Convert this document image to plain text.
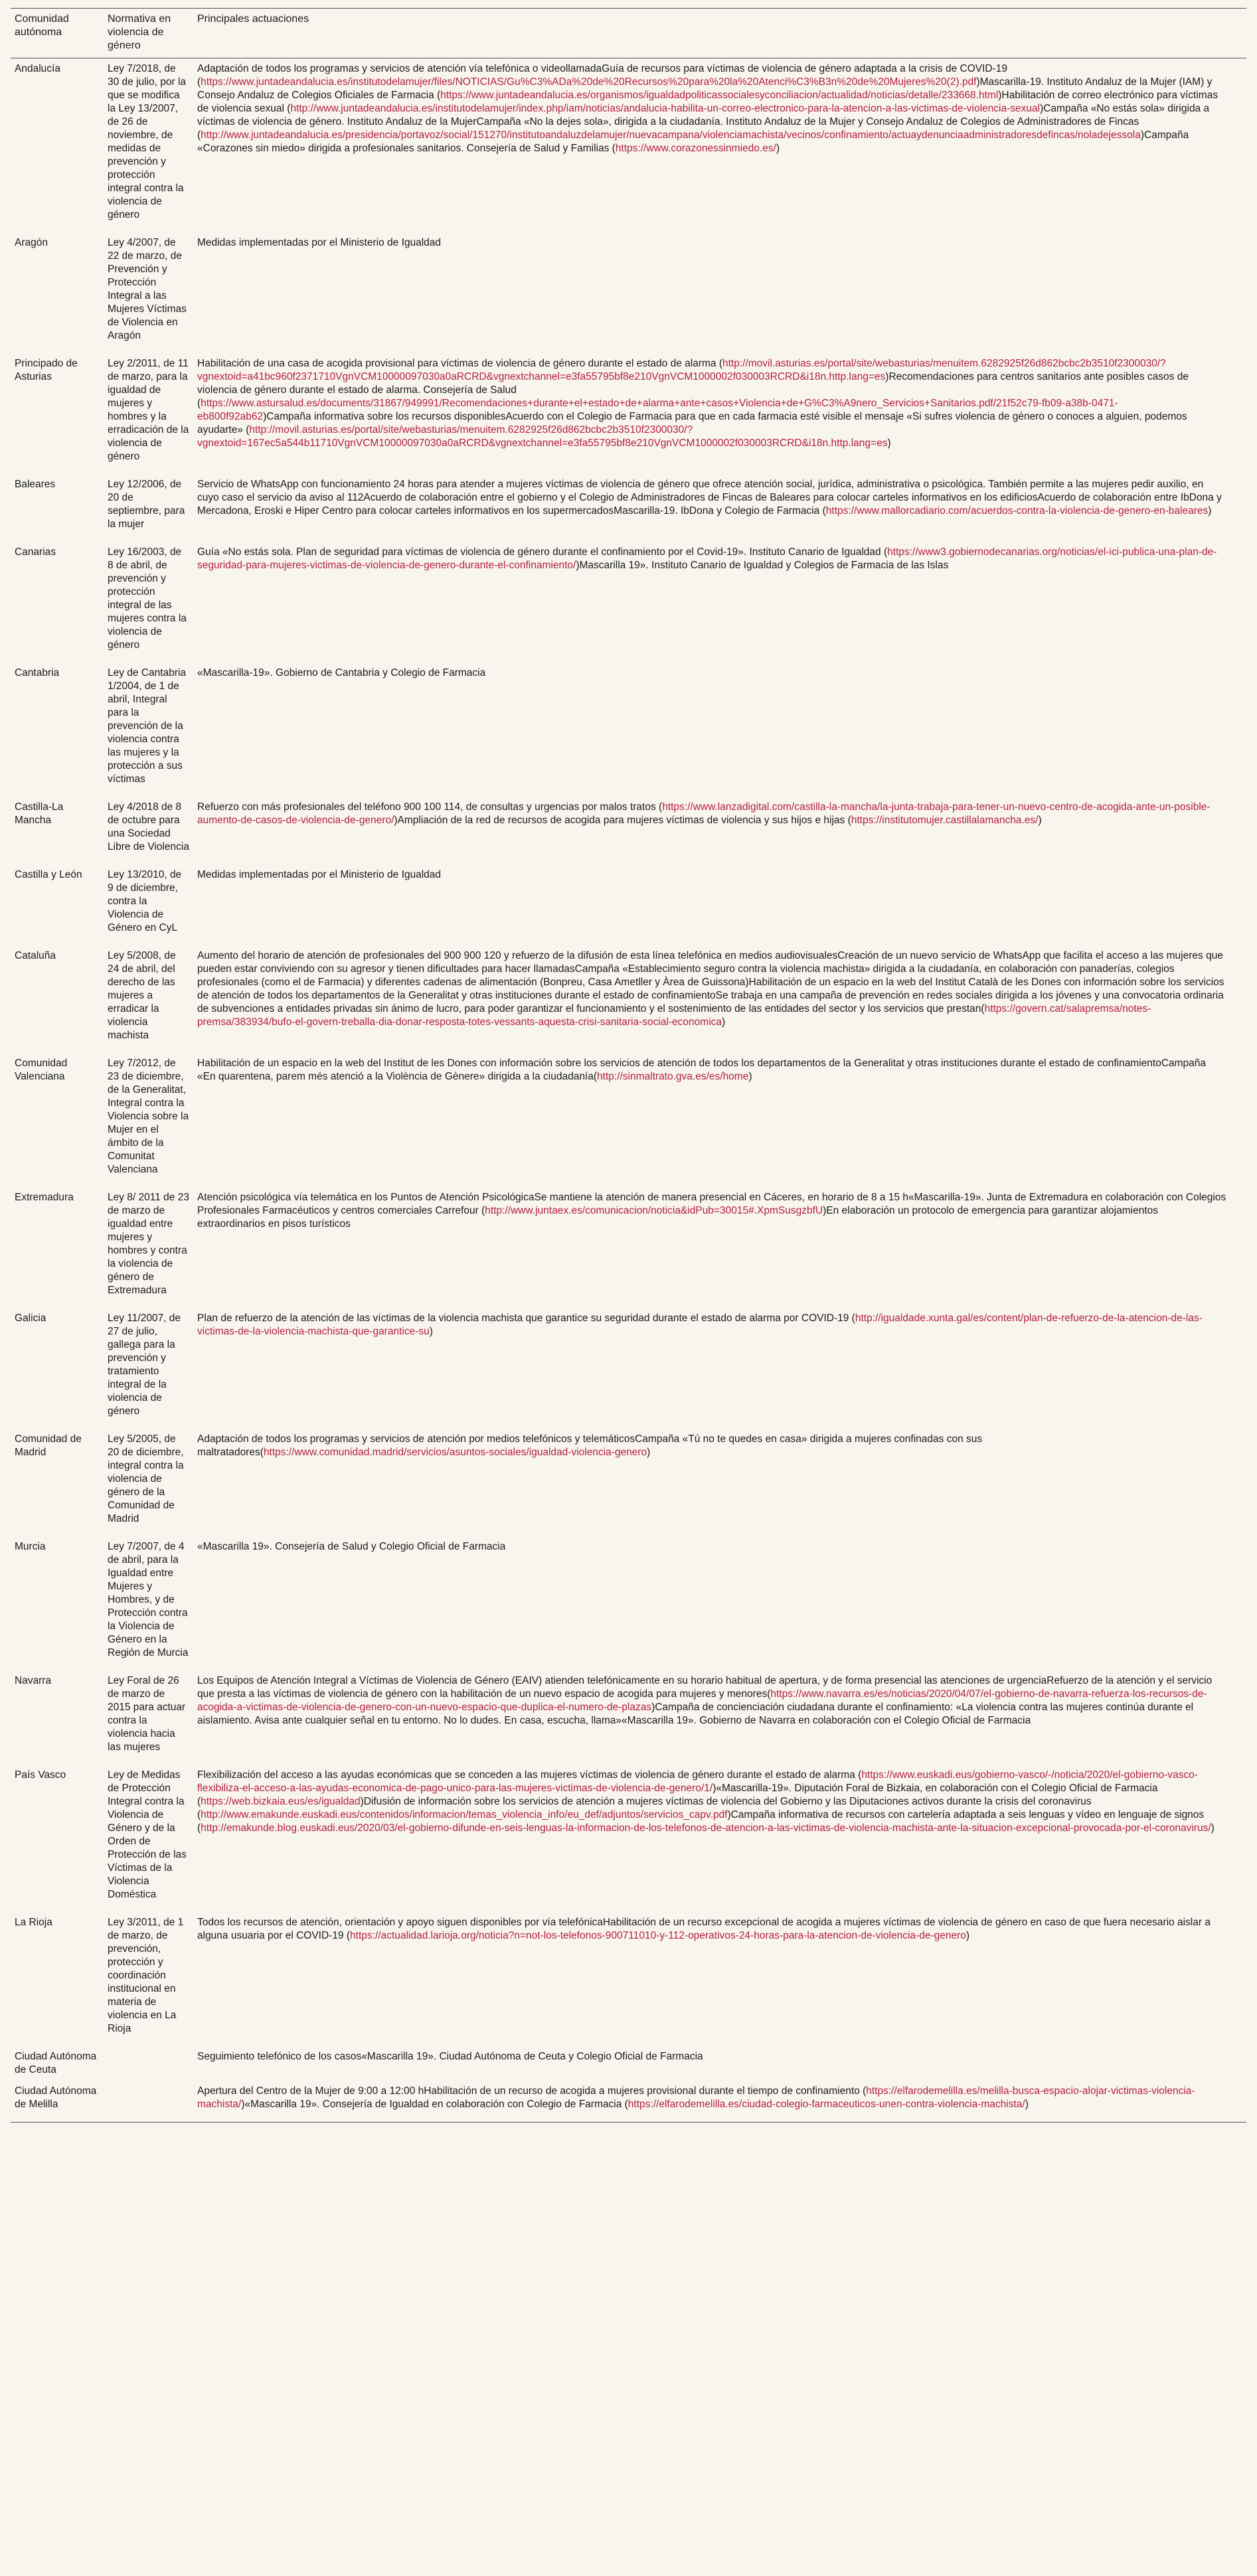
Comunidad autónoma	Normativa en violencia de género	Principales actuaciones
Andalucía	Ley 7/2018, de 30 de julio, por la que se modifica la Ley 13/2007, de 26 de noviembre, de medidas de prevención y protección integral contra la violencia de género	Adaptación de todos los programas y servicios de atención vía telefónica o videollamadaGuía de recursos para víctimas de violencia de género adaptada a la crisis de COVID-19 (https://www.juntadeandalucia.es/institutodelamujer/files/NOTICIAS/Gu%C3%ADa%20de%20Recursos%20para%20la%20Atenci%C3%B3n%20de%20Mujeres%20(2).pdf)Mascarilla-19. Instituto Andaluz de la Mujer (IAM) y Consejo Andaluz de Colegios Oficiales de Farmacia (https://www.juntadeandalucia.es/organismos/igualdadpoliticassocialesyconciliacion/actualidad/noticias/detalle/233668.html)Habilitación de correo electrónico para víctimas de violencia sexual (http://www.juntadeandalucia.es/institutodelamujer/index.php/iam/noticias/andalucia-habilita-un-correo-electronico-para-la-atencion-a-las-victimas-de-violencia-sexual)Campaña «No estás sola» dirigida a víctimas de violencia de género. Instituto Andaluz de la MujerCampaña «No la dejes sola», dirigida a la ciudadanía. Instituto Andaluz de la Mujer y Consejo Andaluz de Colegios de Administradores de Fincas (http://www.juntadeandalucia.es/presidencia/portavoz/social/151270/institutoandaluzdelamujer/nuevacampana/violenciamachista/vecinos/confinamiento/actuaydenunciaadministradoresdefincas/noladejessola)Campaña «Corazones sin miedo» dirigida a profesionales sanitarios. Consejería de Salud y Familias (https://www.corazonessinmiedo.es/)
Aragón	Ley 4/2007, de 22 de marzo, de Prevención y Protección Integral a las Mujeres Víctimas de Violencia en Aragón	Medidas implementadas por el Ministerio de Igualdad
Principado de Asturias	Ley 2/2011, de 11 de marzo, para la igualdad de mujeres y hombres y la erradicación de la violencia de género	Habilitación de una casa de acogida provisional para víctimas de violencia de género durante el estado de alarma (http://movil.asturias.es/portal/site/webasturias/menuitem.6282925f26d862bcbc2b3510f2300030/?vgnextoid=a41bc960f2371710VgnVCM10000097030a0aRCRD&vgnextchannel=e3fa55795bf8e210VgnVCM1000002f030003RCRD&i18n.http.lang=es)Recomendaciones para centros sanitarios ante posibles casos de violencia de género durante el estado de alarma. Consejería de Salud (https://www.astursalud.es/documents/31867/949991/Recomendaciones+durante+el+estado+de+alarma+ante+casos+Violencia+de+G%C3%A9nero_Servicios+Sanitarios.pdf/21f52c79-fb09-a38b-0471-eb800f92ab62)Campaña informativa sobre los recursos disponiblesAcuerdo con el Colegio de Farmacia para que en cada farmacia esté visible el mensaje «Si sufres violencia de género o conoces a alguien, podemos ayudarte» (http://movil.asturias.es/portal/site/webasturias/menuitem.6282925f26d862bcbc2b3510f2300030/?vgnextoid=167ec5a544b11710VgnVCM10000097030a0aRCRD&vgnextchannel=e3fa55795bf8e210VgnVCM1000002f030003RCRD&i18n.http.lang=es)
Baleares	Ley 12/2006, de 20 de septiembre, para la mujer	Servicio de WhatsApp con funcionamiento 24 horas para atender a mujeres víctimas de violencia de género que ofrece atención social, jurídica, administrativa o psicológica. También permite a las mujeres pedir auxilio, en cuyo caso el servicio da aviso al 112Acuerdo de colaboración entre el gobierno y el Colegio de Administradores de Fincas de Baleares para colocar carteles informativos en los edificiosAcuerdo de colaboración entre IbDona y Mercadona, Eroski e Hiper Centro para colocar carteles informativos en los supermercadosMascarilla-19. IbDona y Colegio de Farmacia (https://www.mallorcadiario.com/acuerdos-contra-la-violencia-de-genero-en-baleares)
Canarias	Ley 16/2003, de 8 de abril, de prevención y protección integral de las mujeres contra la violencia de género	Guía «No estás sola. Plan de seguridad para víctimas de violencia de género durante el confinamiento por el Covid-19». Instituto Canario de Igualdad (https://www3.gobiernodecanarias.org/noticias/el-ici-publica-una-plan-de-seguridad-para-mujeres-victimas-de-violencia-de-genero-durante-el-confinamiento/)Mascarilla 19». Instituto Canario de Igualdad y Colegios de Farmacia de las Islas
Cantabria	Ley de Cantabria 1/2004, de 1 de abril, Integral para la prevención de la violencia contra las mujeres y la protección a sus víctimas	«Mascarilla-19». Gobierno de Cantabria y Colegio de Farmacia
Castilla-La Mancha	Ley 4/2018 de 8 de octubre para una Sociedad Libre de Violencia	Refuerzo con más profesionales del teléfono 900 100 114, de consultas y urgencias por malos tratos (https://www.lanzadigital.com/castilla-la-mancha/la-junta-trabaja-para-tener-un-nuevo-centro-de-acogida-ante-un-posible-aumento-de-casos-de-violencia-de-genero/)Ampliación de la red de recursos de acogida para mujeres víctimas de violencia y sus hijos e hijas (https://institutomujer.castillalamancha.es/)
Castilla y León	Ley 13/2010, de 9 de diciembre, contra la Violencia de Género en CyL	Medidas implementadas por el Ministerio de Igualdad
Cataluña	Ley 5/2008, de 24 de abril, del derecho de las mujeres a erradicar la violencia machista	Aumento del horario de atención de profesionales del 900 900 120 y refuerzo de la difusión de esta línea telefónica en medios audiovisualesCreación de un nuevo servicio de WhatsApp que facilita el acceso a las mujeres que pueden estar conviviendo con su agresor y tienen dificultades para hacer llamadasCampaña «Establecimiento seguro contra la violencia machista» dirigida a la ciudadanía, en colaboración con panaderías, colegios profesionales (como el de Farmacia) y diferentes cadenas de alimentación (Bonpreu, Casa Ametller y Àrea de Guissona)Habilitación de un espacio en la web del Institut Català de les Dones con información sobre los servicios de atención de todos los departamentos de la Generalitat y otras instituciones durante el estado de confinamientoSe trabaja en una campaña de prevención en redes sociales dirigida a los jóvenes y una convocatoria ordinaria de subvenciones a entidades privadas sin ánimo de lucro, para poder garantizar el funcionamiento y el sostenimiento de las entidades del sector y los servicios que prestan(https://govern.cat/salapremsa/notes-premsa/383934/bufo-el-govern-treballa-dia-donar-resposta-totes-vessants-aquesta-crisi-sanitaria-social-economica)
Comunidad Valenciana	Ley 7/2012, de 23 de diciembre, de la Generalitat, Integral contra la Violencia sobre la Mujer en el ámbito de la Comunitat Valenciana	Habilitación de un espacio en la web del Institut de les Dones con información sobre los servicios de atención de todos los departamentos de la Generalitat y otras instituciones durante el estado de confinamientoCampaña «En quarentena, parem més atenció a la Violència de Gènere» dirigida a la ciudadanía(http://sinmaltrato.gva.es/es/home)
Extremadura	Ley 8/ 2011 de 23 de marzo de igualdad entre mujeres y hombres y contra la violencia de género de Extremadura	Atención psicológica vía telemática en los Puntos de Atención PsicológicaSe mantiene la atención de manera presencial en Cáceres, en horario de 8 a 15 h«Mascarilla-19». Junta de Extremadura en colaboración con Colegios Profesionales Farmacéuticos y centros comerciales Carrefour (http://www.juntaex.es/comunicacion/noticia&idPub=30015#.XpmSusgzbfU)En elaboración un protocolo de emergencia para garantizar alojamientos extraordinarios en pisos turísticos
Galicia	Ley 11/2007, de 27 de julio, gallega para la prevención y tratamiento integral de la violencia de género	Plan de refuerzo de la atención de las víctimas de la violencia machista que garantice su seguridad durante el estado de alarma por COVID-19 (http://igualdade.xunta.gal/es/content/plan-de-refuerzo-de-la-atencion-de-las-victimas-de-la-violencia-machista-que-garantice-su)
Comunidad de Madrid	Ley 5/2005, de 20 de diciembre, integral contra la violencia de género de la Comunidad de Madrid	Adaptación de todos los programas y servicios de atención por medios telefónicos y telemáticosCampaña «Tú no te quedes en casa» dirigida a mujeres confinadas con sus maltratadores(https://www.comunidad.madrid/servicios/asuntos-sociales/igualdad-violencia-genero)
Murcia	Ley 7/2007, de 4 de abril, para la Igualdad entre Mujeres y Hombres, y de Protección contra la Violencia de Género en la Región de Murcia	«Mascarilla 19». Consejería de Salud y Colegio Oficial de Farmacia
Navarra	Ley Foral de 26 de marzo de 2015 para actuar contra la violencia hacia las mujeres	Los Equipos de Atención Integral a Víctimas de Violencia de Género (EAIV) atienden telefónicamente en su horario habitual de apertura, y de forma presencial las atenciones de urgenciaRefuerzo de la atención y el servicio que presta a las víctimas de violencia de género con la habilitación de un nuevo espacio de acogida para mujeres y menores(https://www.navarra.es/es/noticias/2020/04/07/el-gobierno-de-navarra-refuerza-los-recursos-de-acogida-a-victimas-de-violencia-de-genero-con-un-nuevo-espacio-que-duplica-el-numero-de-plazas)Campaña de concienciación ciudadana durante el confinamiento: «La violencia contra las mujeres continúa durante el aislamiento. Avisa ante cualquier señal en tu entorno. No lo dudes. En casa, escucha, llama»«Mascarilla 19». Gobierno de Navarra en colaboración con el Colegio Oficial de Farmacia
País Vasco	Ley de Medidas de Protección Integral contra la Violencia de Género y de la Orden de Protección de las Víctimas de la Violencia Doméstica	Flexibilización del acceso a las ayudas económicas que se conceden a las mujeres víctimas de violencia de género durante el estado de alarma (https://www.euskadi.eus/gobierno-vasco/-/noticia/2020/el-gobierno-vasco-flexibiliza-el-acceso-a-las-ayudas-economica-de-pago-unico-para-las-mujeres-victimas-de-violencia-de-genero/1/)«Mascarilla-19». Diputación Foral de Bizkaia, en colaboración con el Colegio Oficial de Farmacia (https://web.bizkaia.eus/es/igualdad)Difusión de información sobre los servicios de atención a mujeres víctimas de violencia del Gobierno y las Diputaciones activos durante la crisis del coronavirus (http://www.emakunde.euskadi.eus/contenidos/informacion/temas_violencia_info/eu_def/adjuntos/servicios_capv.pdf)Campaña informativa de recursos con cartelería adaptada a seis lenguas y vídeo en lenguaje de signos (http://emakunde.blog.euskadi.eus/2020/03/el-gobierno-difunde-en-seis-lenguas-la-informacion-de-los-telefonos-de-atencion-a-las-victimas-de-violencia-machista-ante-la-situacion-excepcional-provocada-por-el-coronavirus/)
La Rioja	Ley 3/2011, de 1 de marzo, de prevención, protección y coordinación institucional en materia de violencia en La Rioja	Todos los recursos de atención, orientación y apoyo siguen disponibles por vía telefónicaHabilitación de un recurso excepcional de acogida a mujeres víctimas de violencia de género en caso de que fuera necesario aislar a alguna usuaria por el COVID-19 (https://actualidad.larioja.org/noticia?n=not-los-telefonos-900711010-y-112-operativos-24-horas-para-la-atencion-de-violencia-de-genero)
Ciudad Autónoma de Ceuta		Seguimiento telefónico de los casos«Mascarilla 19». Ciudad Autónoma de Ceuta y Colegio Oficial de Farmacia
Ciudad Autónoma de Melilla		Apertura del Centro de la Mujer de 9:00 a 12:00 hHabilitación de un recurso de acogida a mujeres provisional durante el tiempo de confinamiento (https://elfarodemelilla.es/melilla-busca-espacio-alojar-victimas-violencia-machista/)«Mascarilla 19». Consejería de Igualdad en colaboración con Colegio de Farmacia (https://elfarodemelilla.es/ciudad-colegio-farmaceuticos-unen-contra-violencia-machista/)
